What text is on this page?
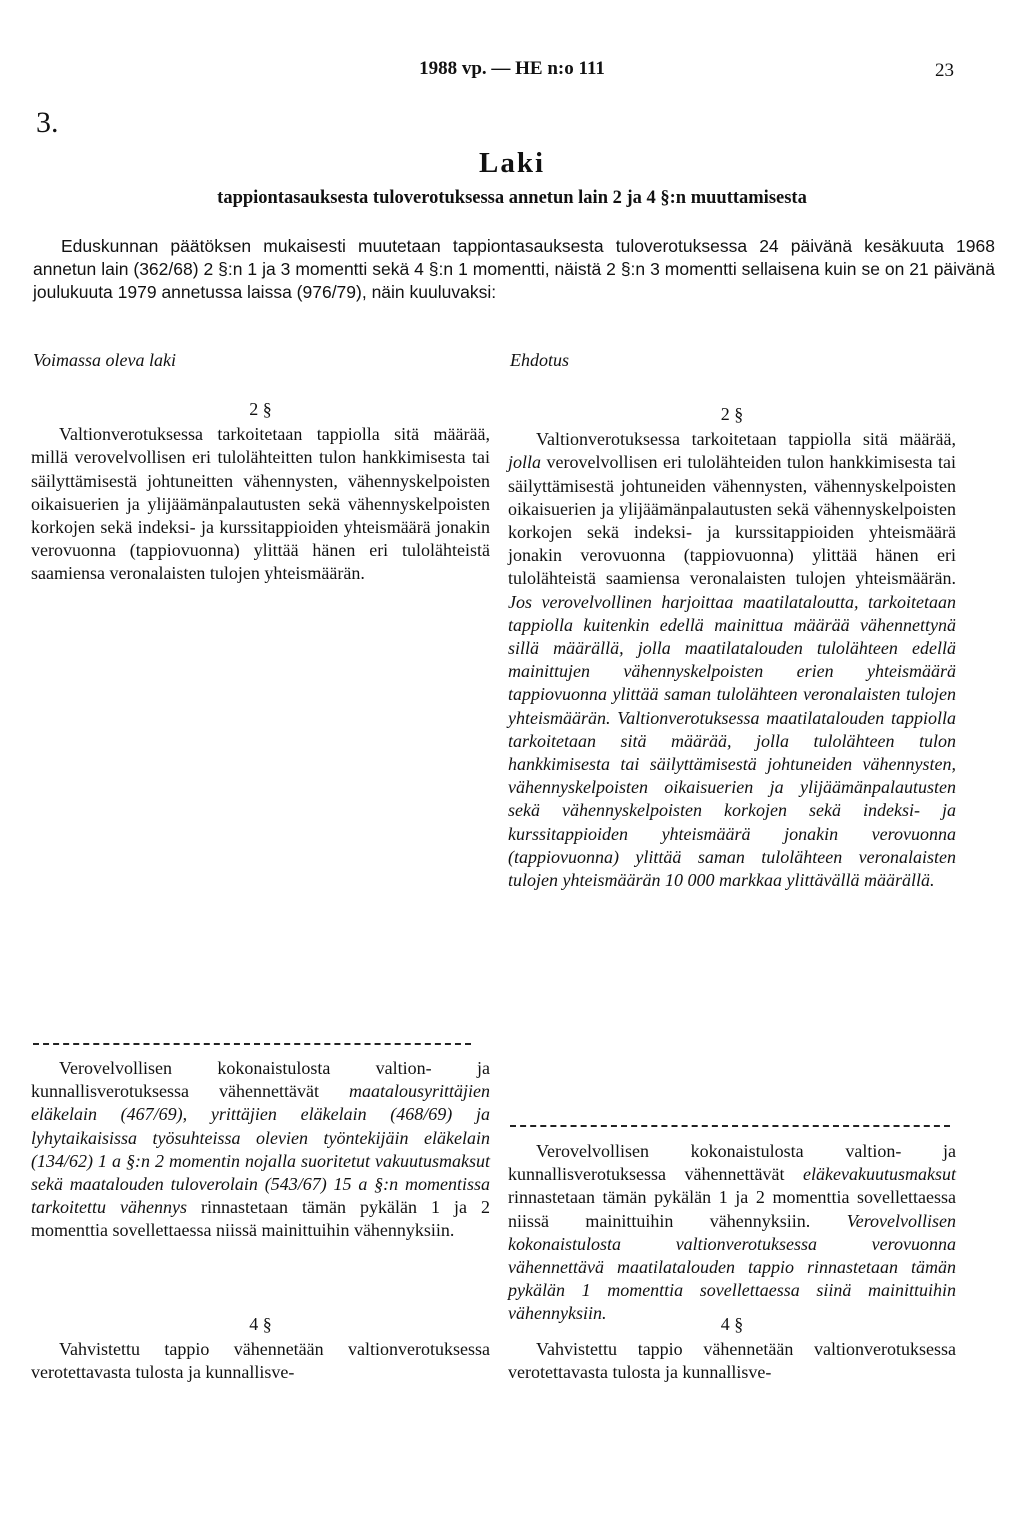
1988 vp. — HE n:o 111	23
3.
Laki
tappiontasauksesta tuloverotuksessa annetun lain 2 ja 4 §:n muuttamisesta
Eduskunnan päätöksen mukaisesti muutetaan tappiontasauksesta tuloverotuksessa 24 päivänä kesäkuuta 1968 annetun lain (362/68) 2 §:n 1 ja 3 momentti sekä 4 §:n 1 momentti, näistä 2 §:n 3 momentti sellaisena kuin se on 21 päivänä joulukuuta 1979 annetussa laissa (976/79), näin kuuluvaksi:
Voimassa oleva laki	Ehdotus

2 §

Valtionverotuksessa tarkoitetaan tappiolla sitä määrää, millä verovelvollisen eri tulolähteitten tulon hankkimisesta tai säilyttämisestä johtuneitten vähennysten, vähennyskelpoisten oikaisuerien ja ylijäämänpalautusten sekä vähennyskelpoisten korkojen sekä indeksi- ja kurssitappioiden yhteismäärä jonakin verovuonna (tappiovuonna) ylittää hänen eri tulolähteistä saamiensa veronalaisten tulojen yhteismäärän.

Verovelvollisen kokonaistulosta valtion- ja kunnallisverotuksessa vähennettävät maatalousyrittäjien eläkelain (467/69), yrittäjien eläkelain (468/69) ja lyhytaikaisissa työsuhteissa olevien työntekijäin eläkelain (134/62) 1 a §:n 2 momentin nojalla suoritetut vakuutusmaksut sekä maatalouden tuloverolain (543/67) 15 a §:n momentissa tarkoitettu vähennys rinnastetaan tämän pykälän 1 ja 2 momenttia sovellettaessa niissä mainittuihin vähennyksiin.

4 §

Vahvistettu tappio vähennetään valtionverotuksessa verotettavasta tulosta ja kunnallisve-

2 §

Valtionverotuksessa tarkoitetaan tappiolla sitä määrää, jolla verovelvollisen eri tulolähteiden tulon hankkimisesta tai säilyttämisestä johtuneiden vähennysten, vähennyskelpoisten oikaisuerien ja ylijäämänpalautusten sekä vähennyskelpoisten korkojen sekä indeksi- ja kurssitappioiden yhteismäärä jonakin verovuonna (tappiovuonna) ylittää hänen eri tulolähteistä saamiensa veronalaisten tulojen yhteismäärän. Jos verovelvollinen harjoittaa maatilataloutta, tarkoitetaan tappiolla kuitenkin edellä mainittua määrää vähennettynä sillä määrällä, jolla maatilatalouden tulolähteen edellä mainittujen vähennyskelpoisten erien yhteismäärä tappiovuonna ylittää saman tulolähteen veronalaisten tulojen yhteismäärän. Valtionverotuksessa maatilatalouden tappiolla tarkoitetaan sitä määrää, jolla tulolähteen tulon hankkimisesta tai säilyttämisestä johtuneiden vähennysten, vähennyskelpoisten oikaisuerien ja ylijäämänpalautusten sekä vähennyskelpoisten korkojen sekä indeksi- ja kurssitappioiden yhteismäärä jonakin verovuonna (tappiovuonna) ylittää saman tulolähteen veronalaisten tulojen yhteismäärän 10 000 markkaa ylittävällä määrällä.

Verovelvollisen kokonaistulosta valtion- ja kunnallisverotuksessa vähennettävät eläkevakuutusmaksut rinnastetaan tämän pykälän 1 ja 2 momenttia sovellettaessa niissä mainittuihin vähennyksiin. Verovelvollisen kokonaistulosta valtionverotuksessa verovuonna vähennettävä maatilatalouden tappio rinnastetaan tämän pykälän 1 momenttia sovellettaessa siinä mainittuihin vähennyksiin.

4 §

Vahvistettu tappio vähennetään valtionverotuksessa verotettavasta tulosta ja kunnallisve-
